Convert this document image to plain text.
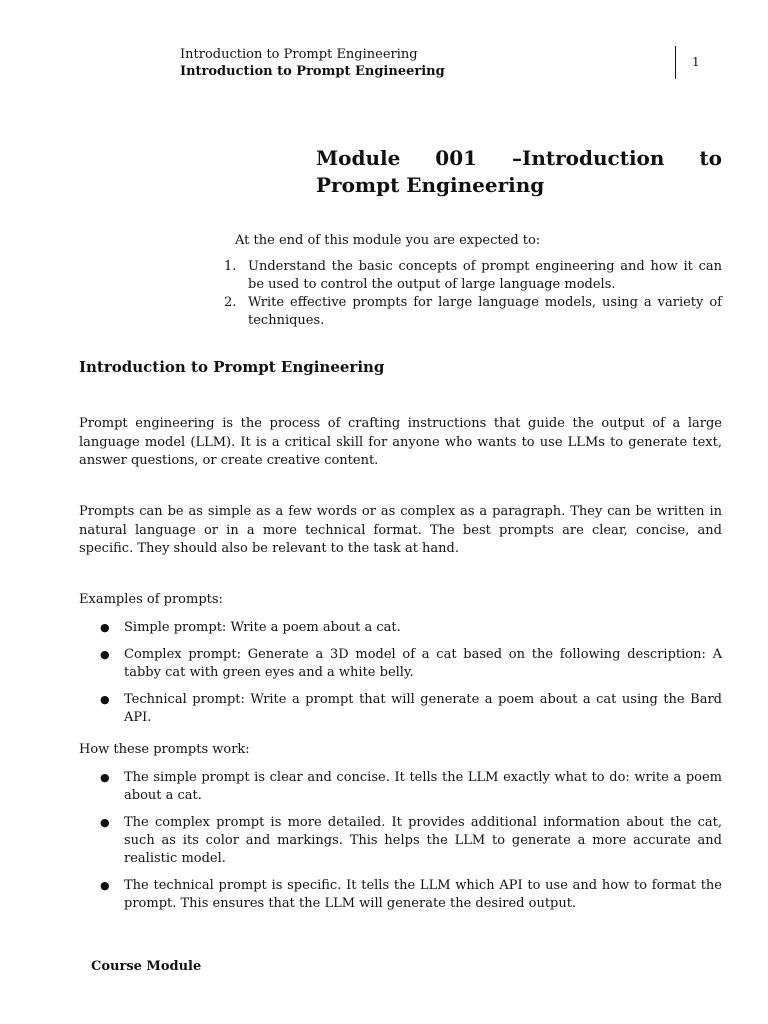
Introduction to Prompt Engineering
Introduction to Prompt Engineering
1
Module 001 –Introduction to Prompt Engineering
At the end of this module you are expected to:
1. Understand the basic concepts of prompt engineering and how it can be used to control the output of large language models.
2. Write effective prompts for large language models, using a variety of techniques.
Introduction to Prompt Engineering
Prompt engineering is the process of crafting instructions that guide the output of a large language model (LLM). It is a critical skill for anyone who wants to use LLMs to generate text, answer questions, or create creative content.
Prompts can be as simple as a few words or as complex as a paragraph. They can be written in natural language or in a more technical format. The best prompts are clear, concise, and specific. They should also be relevant to the task at hand.
Examples of prompts:
●	Simple prompt: Write a poem about a cat.
●	Complex prompt: Generate a 3D model of a cat based on the following description: A tabby cat with green eyes and a white belly.
●	Technical prompt: Write a prompt that will generate a poem about a cat using the Bard API.
How these prompts work:
●	The simple prompt is clear and concise. It tells the LLM exactly what to do: write a poem about a cat.
●	The complex prompt is more detailed. It provides additional information about the cat, such as its color and markings. This helps the LLM to generate a more accurate and realistic model.
●	The technical prompt is specific. It tells the LLM which API to use and how to format the prompt. This ensures that the LLM will generate the desired output.
Course Module
